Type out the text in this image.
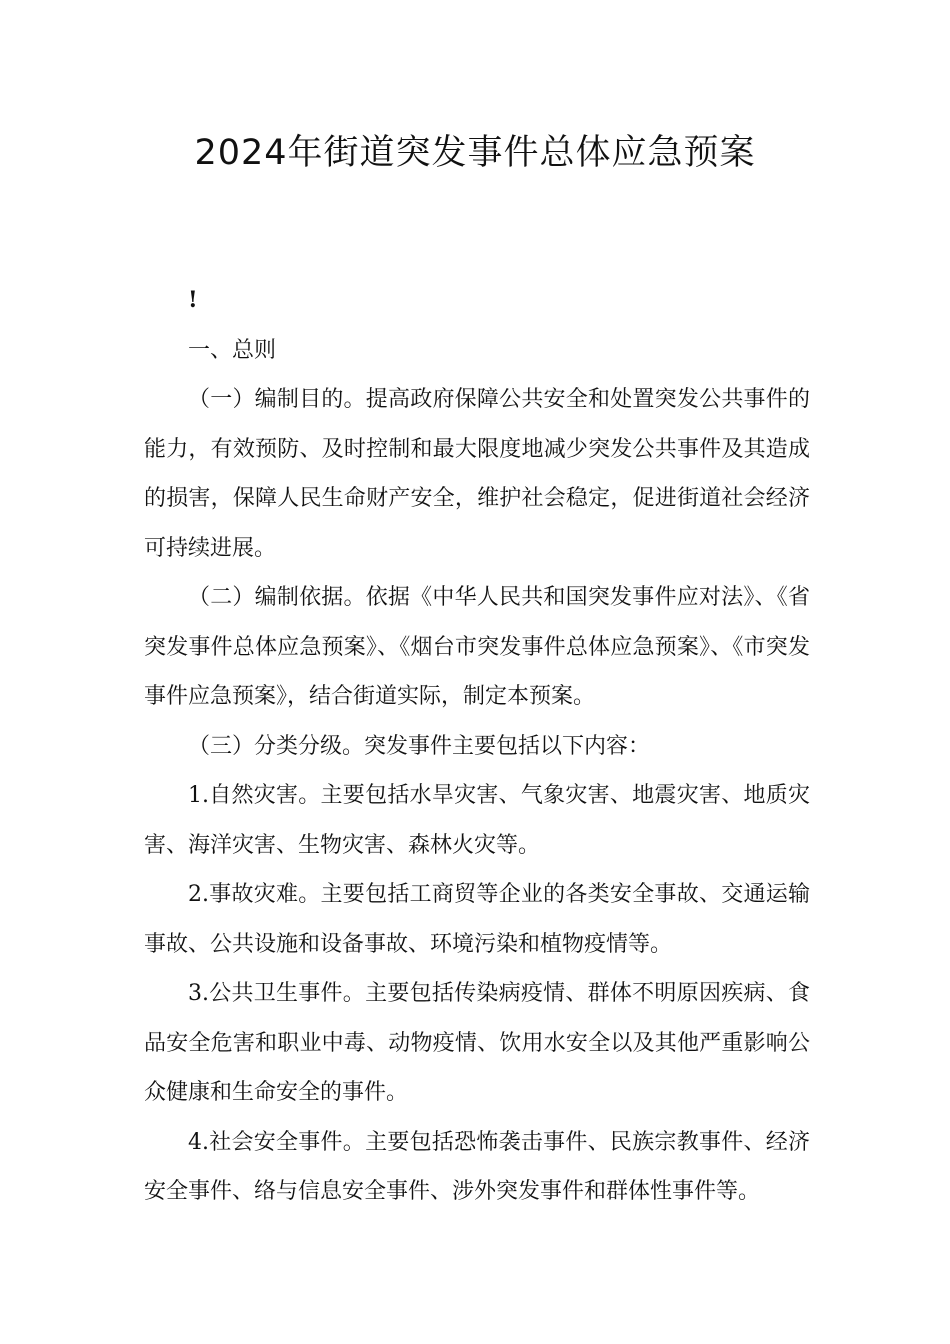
2024年街道突发事件总体应急预案

!

一、总则

（一）编制目的。提高政府保障公共安全和处置突发公共事件的能力，有效预防、及时控制和最大限度地减少突发公共事件及其造成的损害，保障人民生命财产安全，维护社会稳定，促进街道社会经济可持续进展。

（二）编制依据。依据《中华人民共和国突发事件应对法》、《省突发事件总体应急预案》、《烟台市突发事件总体应急预案》、《市突发事件应急预案》，结合街道实际，制定本预案。

（三）分类分级。突发事件主要包括以下内容：

1.自然灾害。主要包括水旱灾害、气象灾害、地震灾害、地质灾害、海洋灾害、生物灾害、森林火灾等。

2.事故灾难。主要包括工商贸等企业的各类安全事故、交通运输事故、公共设施和设备事故、环境污染和植物疫情等。

3.公共卫生事件。主要包括传染病疫情、群体不明原因疾病、食品安全危害和职业中毒、动物疫情、饮用水安全以及其他严重影响公众健康和生命安全的事件。

4.社会安全事件。主要包括恐怖袭击事件、民族宗教事件、经济安全事件、络与信息安全事件、涉外突发事件和群体性事件等。
